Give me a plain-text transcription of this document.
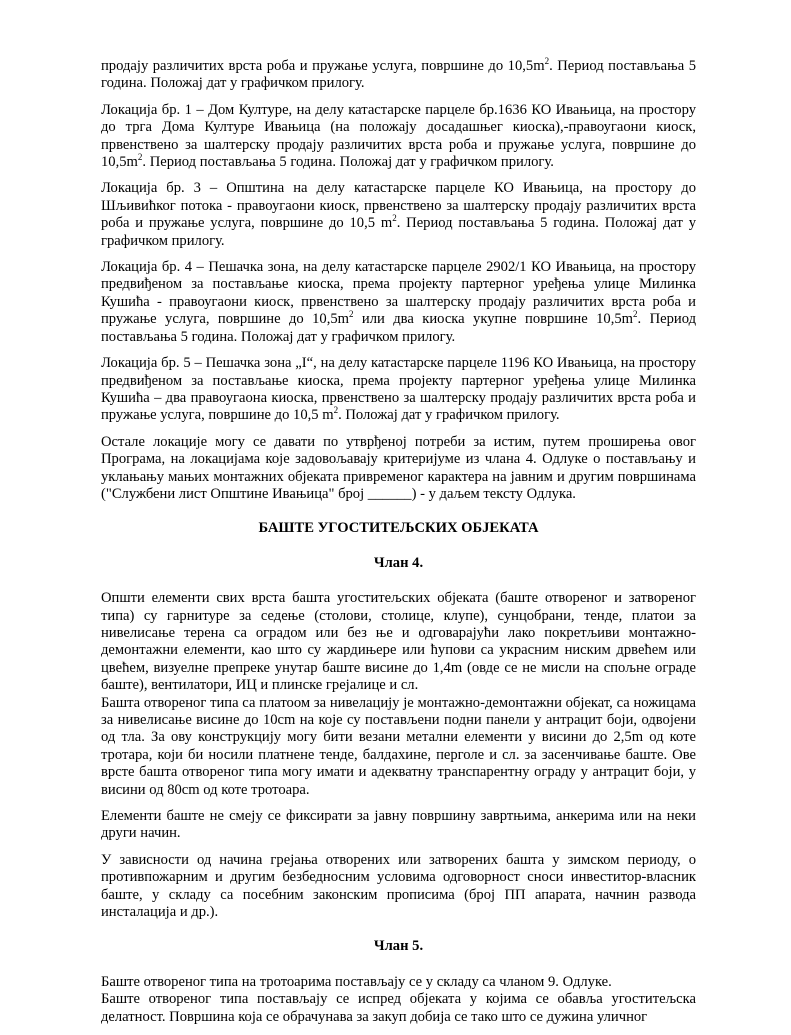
продају различитих врста роба и пружање услуга, површине до $10,5m^2$. Период постављања 5 година. Положај дат у графичком прилогу.

Локација бр. 1 – Дом Културе, на делу катастарске парцеле бр.1636 КО Ивањица, на простору до трга Дома Културе Ивањица (на положају досадашњег киоска),-правоугаони киоск, првенствено за шалтерску продају различитих врста роба и пружање услуга, површине до $10,5m^2$. Период постављања 5 година. Положај дат у графичком прилогу.

Локација бр. 3 – Општина на делу катастарске парцеле КО Ивањица, на простору до Шљивићког потока - правоугаони киоск, првенствено за шалтерску продају различитих врста роба и пружање услуга, површине до 10,5 $m^2$. Период постављања 5 година. Положај дат у графичком прилогу.

Локација бр. 4 – Пешачка зона, на делу катастарске парцеле 2902/1 КО Ивањица, на простору предвиђеном за постављање киоска, према пројекту партерног уређења улице Милинка Кушића - правоугаони киоск, првенствено за шалтерску продају различитих врста роба и пружање услуга, површине до $10,5m^2$ или два киоска укупне површине $10,5m^2$. Период постављања 5 година. Положај дат у графичком прилогу.

Локација бр. 5 – Пешачка зона „I“, на делу катастарске парцеле 1196 КО Ивањица, на простору предвиђеном за постављање киоска, према пројекту партерног уређења улице Милинка Кушића – два правоугаона киоска, првенствено за шалтерску продају различитих врста роба и пружање услуга, површине до 10,5 $m^2$. Положај дат у графичком прилогу.

Остале локације могу се давати по утврђеној потреби за истим, путем проширења овог Програма, на локацијама које задовољавају критеријуме из члана 4. Одлуке о постављању и уклањању мањих монтажних објеката привременог карактера на јавним и другим површинама ("Службени лист Општине Ивањица" број ______) - у даљем тексту Одлука.

БАШТЕ УГОСТИТЕЉСКИХ ОБЈЕКАТА
Члан 4.

Општи елементи свих врста башта угоститељских објеката (баште отвореног и затвореног типа) су гарнитуре за седење (столови, столице, клупе), сунцобрани, тенде, платои за нивелисање терена са оградом или без ње и одговарајући лако покретљиви монтажно-демонтажни елементи, као што су жардињере или ћупови са украсним ниским дрвећем или цвећем, визуелне препреке унутар баште висине до 1,4m (овде се не мисли на спољне ограде баште), вентилатори, ИЦ и плинске грејалице и сл.

Башта отвореног типа са платоом за нивелацију је монтажно-демонтажни објекат, са ножицама за нивелисање висине до 10cm на које су постављени подни панели у антрацит боји, одвојени од тла. За ову конструкцију могу бити везани метални елементи у висини до 2,5m од коте тротара, који би носили платнене тенде, балдахине, перголе и сл. за засенчивање баште. Ове врсте башта отвореног типа могу имати и адекватну транспарентну ограду у антрацит боји, у висини од 80cm од коте тротоара.

Елементи баште не смеју се фиксирати за јавну површину завртњима, анкерима или на неки други начин.

У зависности од начина грејања отворених или затворених башта у зимском периоду, о противпожарним и другим безбедносним условима одговорност сноси инвеститор-власник баште, у складу са посебним законским прописима (број ПП апарата, начнин развода инсталација и др.).

Члан 5.

Баште отвореног типа на тротоарима постављају се у складу са чланом 9. Одлуке.

Баште отвореног типа постављају се испред објеката у којима се обавља угоститељска делатност. Површина која се обрачунава за закуп добија се тако што се дужина уличног
